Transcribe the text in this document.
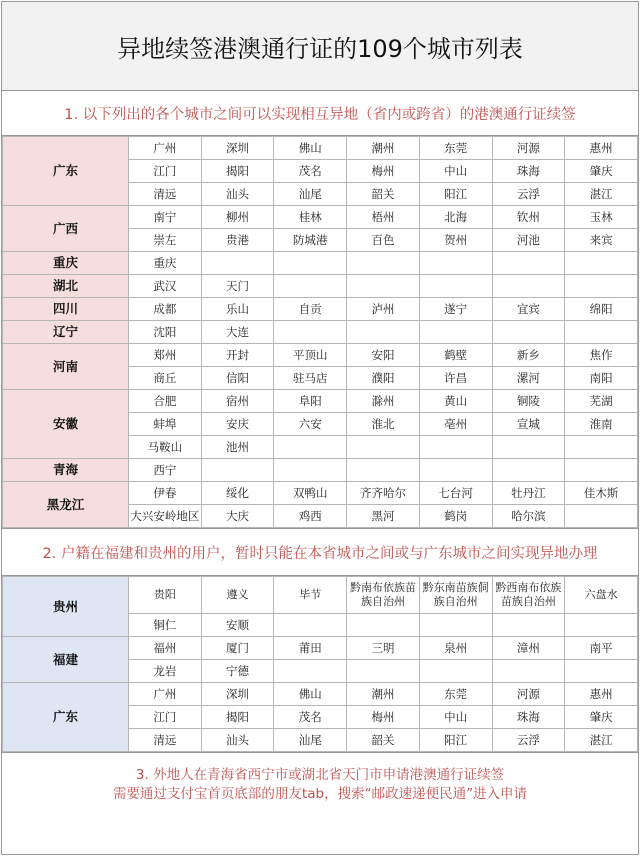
异地续签港澳通行证的109个城市列表
1. 以下列出的各个城市之间可以实现相互异地（省内或跨省）的港澳通行证续签
广东	广州	深圳	佛山	潮州	东莞	河源	惠州
	江门	揭阳	茂名	梅州	中山	珠海	肇庆
	清远	汕头	汕尾	韶关	阳江	云浮	湛江
广西	南宁	柳州	桂林	梧州	北海	钦州	玉林
	崇左	贵港	防城港	百色	贺州	河池	来宾
重庆	重庆						
湖北	武汉	天门					
四川	成都	乐山	自贡	泸州	遂宁	宜宾	绵阳
辽宁	沈阳	大连					
河南	郑州	开封	平顶山	安阳	鹤壁	新乡	焦作
	商丘	信阳	驻马店	濮阳	许昌	漯河	南阳
安徽	合肥	宿州	阜阳	滁州	黄山	铜陵	芜湖
	蚌埠	安庆	六安	淮北	亳州	宣城	淮南
	马鞍山	池州					
青海	西宁						
黑龙江	伊春	绥化	双鸭山	齐齐哈尔	七台河	牡丹江	佳木斯
	大兴安岭地区	大庆	鸡西	黑河	鹤岗	哈尔滨	
2. 户籍在福建和贵州的用户，暂时只能在本省城市之间或与广东城市之间实现异地办理
贵州	贵阳	遵义	毕节	黔南布依族苗族自治州	黔东南苗族侗族自治州	黔西南布依族苗族自治州	六盘水
	铜仁	安顺					
福建	福州	厦门	莆田	三明	泉州	漳州	南平
	龙岩	宁德					
广东	广州	深圳	佛山	潮州	东莞	河源	惠州
	江门	揭阳	茂名	梅州	中山	珠海	肇庆
	清远	汕头	汕尾	韶关	阳江	云浮	湛江
3. 外地人在青海省西宁市或湖北省天门市申请港澳通行证续签
需要通过支付宝首页底部的朋友tab，搜索“邮政速递便民通”进入申请
